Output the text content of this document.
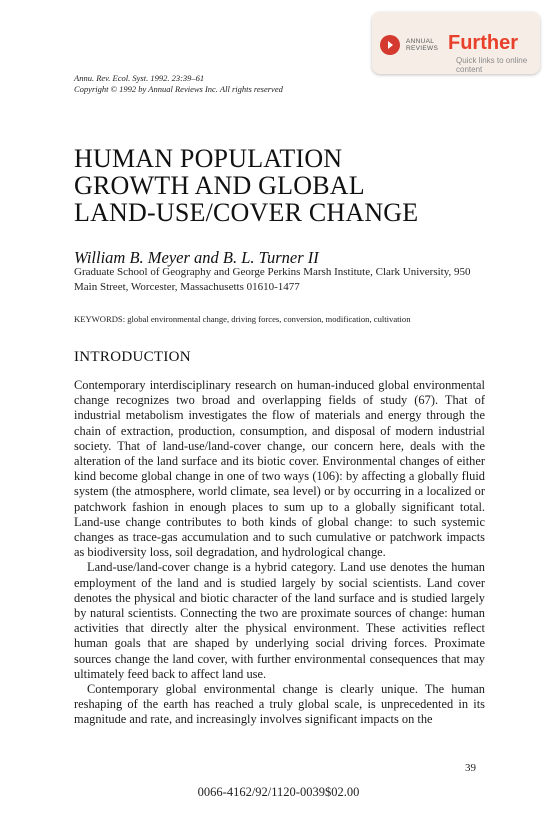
ANNUAL REVIEWS Further
Quick links to online content
Annu. Rev. Ecol. Syst. 1992. 23:39–61
Copyright © 1992 by Annual Reviews Inc. All rights reserved
HUMAN POPULATION
GROWTH AND GLOBAL
LAND-USE/COVER CHANGE
William B. Meyer and B. L. Turner II
Graduate School of Geography and George Perkins Marsh Institute, Clark University, 950 Main Street, Worcester, Massachusetts 01610-1477
KEYWORDS: global environmental change, driving forces, conversion, modification, cultivation
INTRODUCTION

Contemporary interdisciplinary research on human-induced global environmental change recognizes two broad and overlapping fields of study (67). That of industrial metabolism investigates the flow of materials and energy through the chain of extraction, production, consumption, and disposal of modern industrial society. That of land-use/land-cover change, our concern here, deals with the alteration of the land surface and its biotic cover. Environmental changes of either kind become global change in one of two ways (106): by affecting a globally fluid system (the atmosphere, world climate, sea level) or by occurring in a localized or patchwork fashion in enough places to sum up to a globally significant total. Land-use change contributes to both kinds of global change: to such systemic changes as trace-gas accumulation and to such cumulative or patchwork impacts as biodiversity loss, soil degradation, and hydrological change.

Land-use/land-cover change is a hybrid category. Land use denotes the human employment of the land and is studied largely by social scientists. Land cover denotes the physical and biotic character of the land surface and is studied largely by natural scientists. Connecting the two are proximate sources of change: human activities that directly alter the physical environment. These activities reflect human goals that are shaped by underlying social driving forces. Proximate sources change the land cover, with further environmental consequences that may ultimately feed back to affect land use.

Contemporary global environmental change is clearly unique. The human reshaping of the earth has reached a truly global scale, is unprecedented in its magnitude and rate, and increasingly involves significant impacts on the

39
0066-4162/92/1120-0039$02.00
